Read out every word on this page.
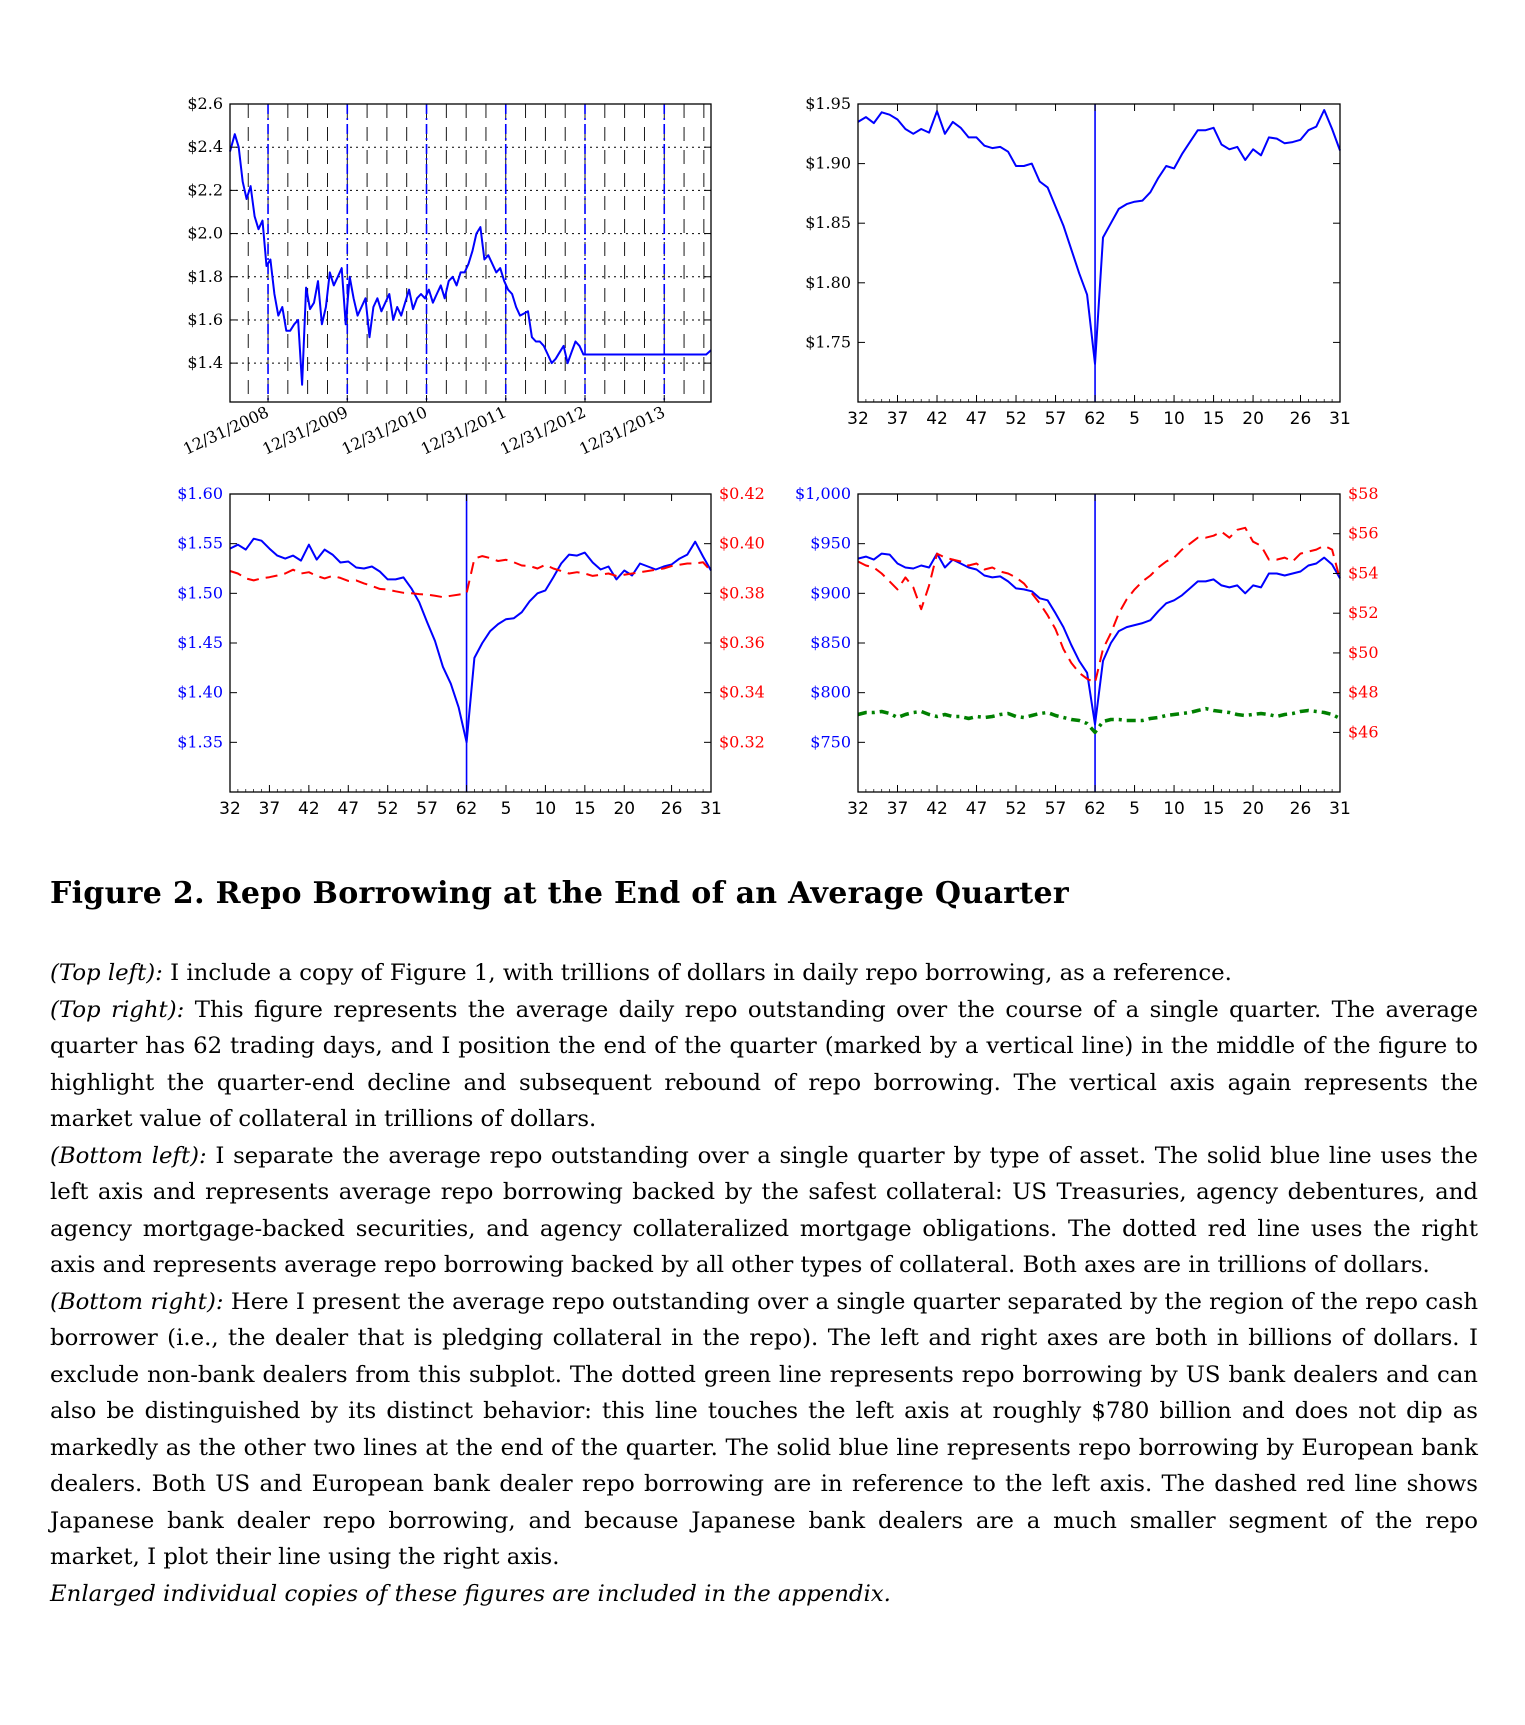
$2.6
$2.4
$2.2
$2.0
$1.8
$1.6
$1.4
12/31/2008
12/31/2009
12/31/2010
12/31/2011
12/31/2012
12/31/2013
$1.95
$1.90
$1.85
$1.80
$1.75
32 37 42 47 52 57 62 5 10 15 20 26 31
$1.60
$1.55
$1.50
$1.45
$1.40
$1.35
$0.42
$0.40
$0.38
$0.36
$0.34
$0.32
32 37 42 47 52 57 62 5 10 15 20 26 31
$1,000
$950
$900
$850
$800
$750
$58
$56
$54
$52
$50
$48
$46
32 37 42 47 52 57 62 5 10 15 20 26 31
Figure 2. Repo Borrowing at the End of an Average Quarter

(Top left): I include a copy of Figure 1, with trillions of dollars in daily repo borrowing, as a reference.

(Top right): This figure represents the average daily repo outstanding over the course of a single quarter. The average quarter has 62 trading days, and I position the end of the quarter (marked by a vertical line) in the middle of the figure to highlight the quarter-end decline and subsequent rebound of repo borrowing. The vertical axis again represents the market value of collateral in trillions of dollars.

(Bottom left): I separate the average repo outstanding over a single quarter by type of asset. The solid blue line uses the left axis and represents average repo borrowing backed by the safest collateral: US Treasuries, agency debentures, and agency mortgage-backed securities, and agency collateralized mortgage obligations. The dotted red line uses the right axis and represents average repo borrowing backed by all other types of collateral. Both axes are in trillions of dollars.

(Bottom right): Here I present the average repo outstanding over a single quarter separated by the region of the repo cash borrower (i.e., the dealer that is pledging collateral in the repo). The left and right axes are both in billions of dollars. I exclude non-bank dealers from this subplot. The dotted green line represents repo borrowing by US bank dealers and can also be distinguished by its distinct behavior: this line touches the left axis at roughly $780 billion and does not dip as markedly as the other two lines at the end of the quarter. The solid blue line represents repo borrowing by European bank dealers. Both US and European bank dealer repo borrowing are in reference to the left axis. The dashed red line shows Japanese bank dealer repo borrowing, and because Japanese bank dealers are a much smaller segment of the repo market, I plot their line using the right axis.

Enlarged individual copies of these figures are included in the appendix.
